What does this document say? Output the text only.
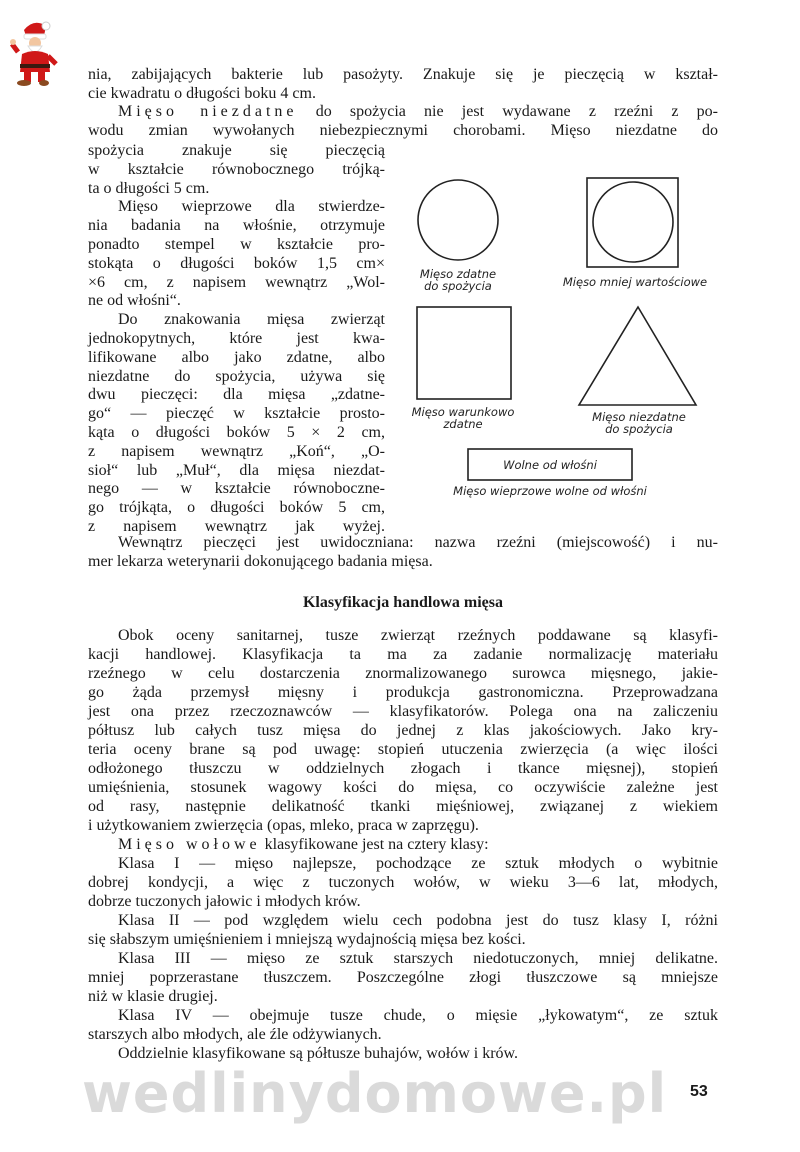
nia, zabijających bakterie lub pasożyty. Znakuje się je pieczęcią w kształ-
cie kwadratu o długości boku 4 cm.
Mięso niezdatne do spożycia nie jest wydawane z rzeźni z po-
wodu zmian wywołanych niebezpiecznymi chorobami. Mięso niezdatne do
spożycia znakuje się pieczęcią
w kształcie równobocznego trójką-
ta o długości 5 cm.
Mięso wieprzowe dla stwierdze-
nia badania na włośnie, otrzymuje
ponadto stempel w kształcie pro-
stokąta o długości boków 1,5 cm×
×6 cm, z napisem wewnątrz „Wol-
ne od włośni“.
Do znakowania mięsa zwierząt
jednokopytnych, które jest kwa-
lifikowane albo jako zdatne, albo
niezdatne do spożycia, używa się
dwu pieczęci: dla mięsa „zdatne-
go“ — pieczęć w kształcie prosto-
kąta o długości boków 5 × 2 cm,
z napisem wewnątrz „Koń“, „O-
sioł“ lub „Muł“, dla mięsa niezdat-
nego — w kształcie równoboczne-
go trójkąta, o długości boków 5 cm,
z napisem wewnątrz jak wyżej.
Mięso zdatne
do spożycia	Mięso mniej wartościowe
Mięso warunkowo
zdatne	Mięso niezdatne
do spożycia
Wolne od włośni
Mięso wieprzowe wolne od włośni
Wewnątrz pieczęci jest uwidoczniana: nazwa rzeźni (miejscowość) i nu-
mer lekarza weterynarii dokonującego badania mięsa.
Klasyfikacja handlowa mięsa
Obok oceny sanitarnej, tusze zwierząt rzeźnych poddawane są klasyfi-
kacji handlowej. Klasyfikacja ta ma za zadanie normalizację materiału
rzeźnego w celu dostarczenia znormalizowanego surowca mięsnego, jakie-
go żąda przemysł mięsny i produkcja gastronomiczna. Przeprowadzana
jest ona przez rzeczoznawców — klasyfikatorów. Polega ona na zaliczeniu
półtusz lub całych tusz mięsa do jednej z klas jakościowych. Jako kry-
teria oceny brane są pod uwagę: stopień utuczenia zwierzęcia (a więc ilości
odłożonego tłuszczu w oddzielnych złogach i tkance mięsnej), stopień
umięśnienia, stosunek wagowy kości do mięsa, co oczywiście zależne jest
od rasy, następnie delikatność tkanki mięśniowej, związanej z wiekiem
i użytkowaniem zwierzęcia (opas, mleko, praca w zaprzęgu).
Mięso wołowe klasyfikowane jest na cztery klasy:
Klasa I — mięso najlepsze, pochodzące ze sztuk młodych o wybitnie
dobrej kondycji, a więc z tuczonych wołów, w wieku 3—6 lat, młodych,
dobrze tuczonych jałowic i młodych krów.
Klasa II — pod względem wielu cech podobna jest do tusz klasy I, różni
się słabszym umięśnieniem i mniejszą wydajnością mięsa bez kości.
Klasa III — mięso ze sztuk starszych niedotuczonych, mniej delikatne.
mniej poprzerastane tłuszczem. Poszczególne złogi tłuszczowe są mniejsze
niż w klasie drugiej.
Klasa IV — obejmuje tusze chude, o mięsie „łykowatym“, ze sztuk
starszych albo młodych, ale źle odżywianych.
Oddzielnie klasyfikowane są półtusze buhajów, wołów i krów.
wedlinydomowe.pl 53
